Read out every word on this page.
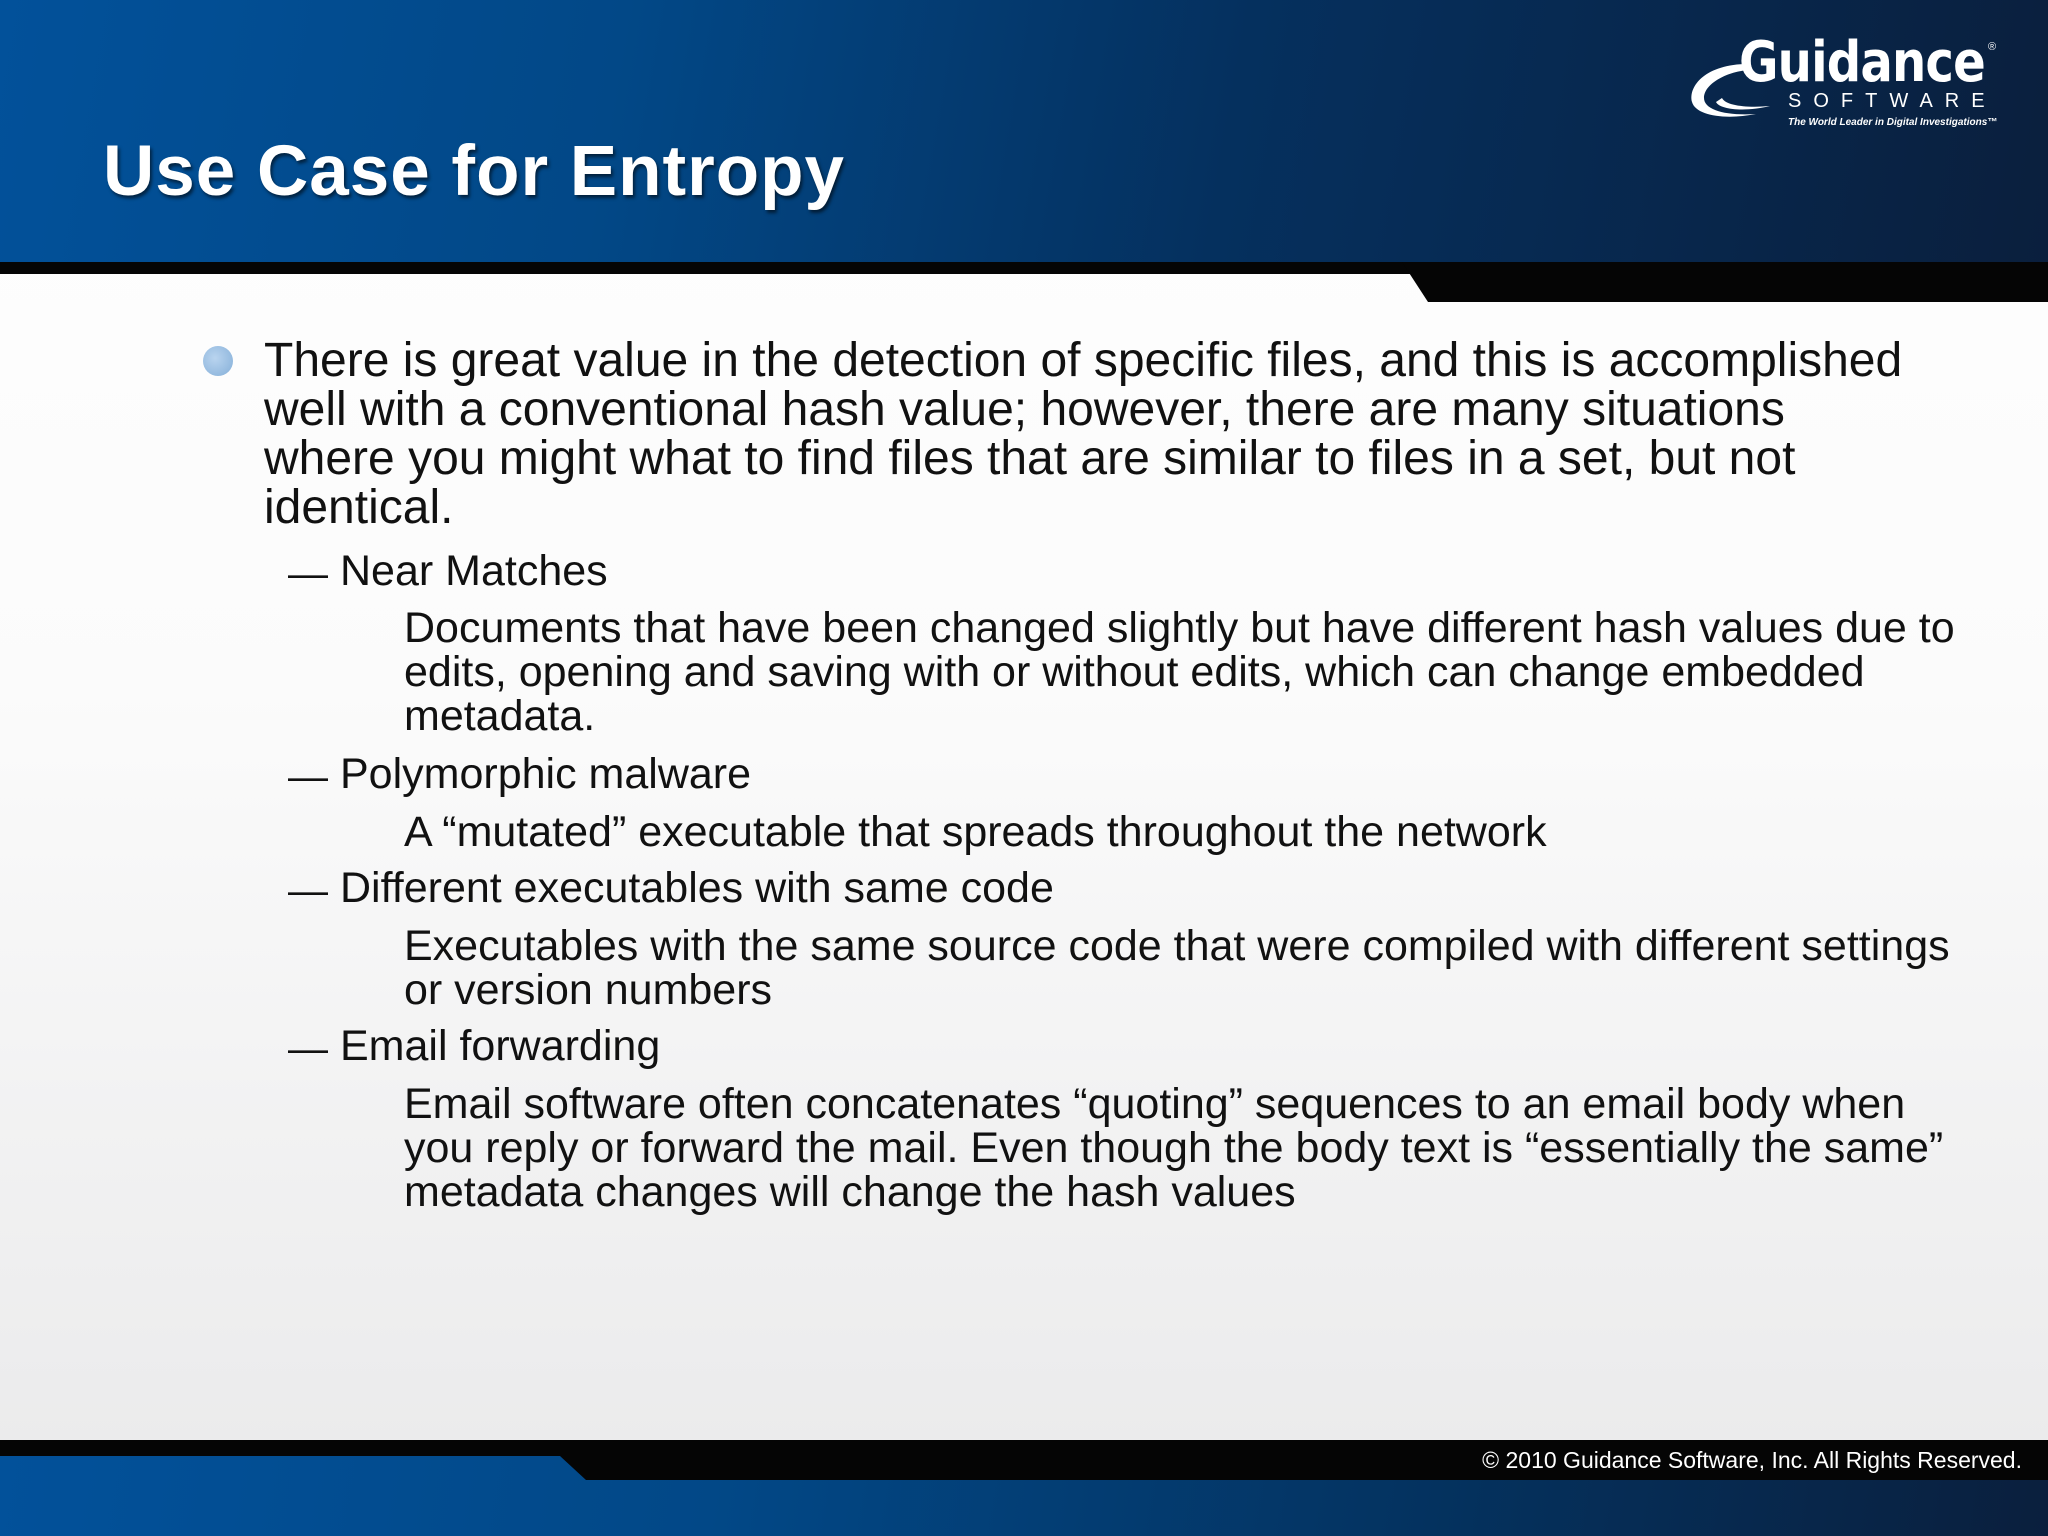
Use Case for Entropy
Guidance ®
SOFTWARE
The World Leader in Digital Investigations™

There is great value in the detection of specific files, and this is accomplished well with a conventional hash value; however, there are many situations where you might what to find files that are similar to files in a set, but not identical.

— Near Matches

Documents that have been changed slightly but have different hash values due to edits, opening and saving with or without edits, which can change embedded metadata.

— Polymorphic malware

A “mutated” executable that spreads throughout the network

— Different executables with same code

Executables with the same source code that were compiled with different settings or version numbers

— Email forwarding

Email software often concatenates “quoting” sequences to an email body when you reply or forward the mail. Even though the body text is “essentially the same” metadata changes will change the hash values

© 2010 Guidance Software, Inc. All Rights Reserved.
